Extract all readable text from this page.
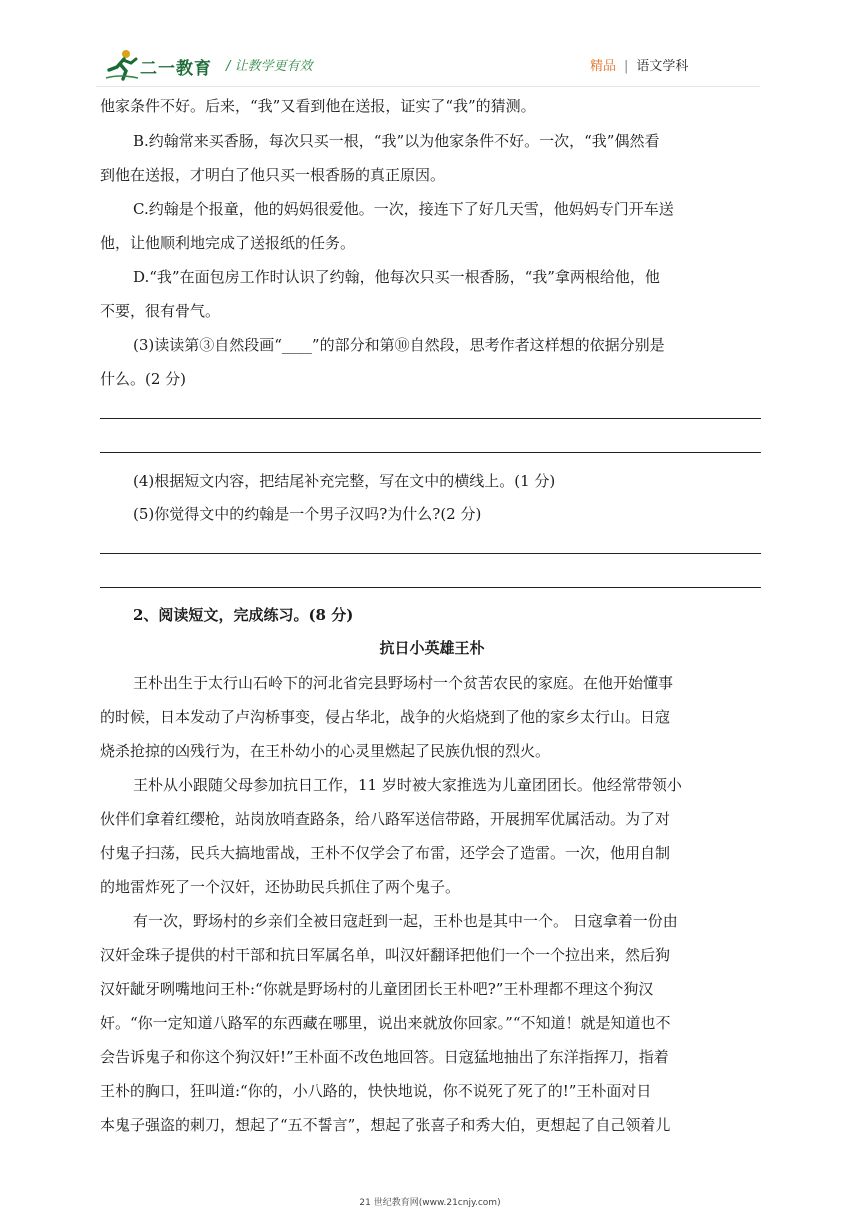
二一教育 / 让教学更有效	精品 | 语文学科
他家条件不好。后来，“我”又看到他在送报，证实了“我”的猜测。
B.约翰常来买香肠，每次只买一根，“我”以为他家条件不好。一次，“我”偶然看
到他在送报，才明白了他只买一根香肠的真正原因。
C.约翰是个报童，他的妈妈很爱他。一次，接连下了好几天雪，他妈妈专门开车送
他，让他顺利地完成了送报纸的任务。
D.“我”在面包房工作时认识了约翰，他每次只买一根香肠，“我”拿两根给他，他
不要，很有骨气。
(3)读读第③自然段画“____”的部分和第⑩自然段，思考作者这样想的依据分别是
什么。(2 分)
(4)根据短文内容，把结尾补充完整，写在文中的横线上。(1 分)
(5)你觉得文中的约翰是一个男子汉吗?为什么?(2 分)
2、阅读短文，完成练习。(8 分)
抗日小英雄王朴
王朴出生于太行山石岭下的河北省完县野场村一个贫苦农民的家庭。在他开始懂事
的时候，日本发动了卢沟桥事变，侵占华北，战争的火焰烧到了他的家乡太行山。日寇
烧杀抢掠的凶残行为，在王朴幼小的心灵里燃起了民族仇恨的烈火。
王朴从小跟随父母参加抗日工作，11 岁时被大家推选为儿童团团长。他经常带领小
伙伴们拿着红缨枪，站岗放哨查路条，给八路军送信带路，开展拥军优属活动。为了对
付鬼子扫荡，民兵大搞地雷战，王朴不仅学会了布雷，还学会了造雷。一次，他用自制
的地雷炸死了一个汉奸，还协助民兵抓住了两个鬼子。
有一次，野场村的乡亲们全被日寇赶到一起，王朴也是其中一个。 日寇拿着一份由
汉奸金珠子提供的村干部和抗日军属名单，叫汉奸翻译把他们一个一个拉出来，然后狗
汉奸龇牙咧嘴地问王朴:“你就是野场村的儿童团团长王朴吧?”王朴理都不理这个狗汉
奸。“你一定知道八路军的东西藏在哪里，说出来就放你回家。”“不知道！就是知道也不
会告诉鬼子和你这个狗汉奸!”王朴面不改色地回答。日寇猛地抽出了东洋指挥刀，指着
王朴的胸口，狂叫道:“你的，小八路的，快快地说，你不说死了死了的!”王朴面对日
本鬼子强盗的刺刀，想起了“五不誓言”，想起了张喜子和秀大伯，更想起了自己领着儿
21 世纪教育网(www.21cnjy.com)
